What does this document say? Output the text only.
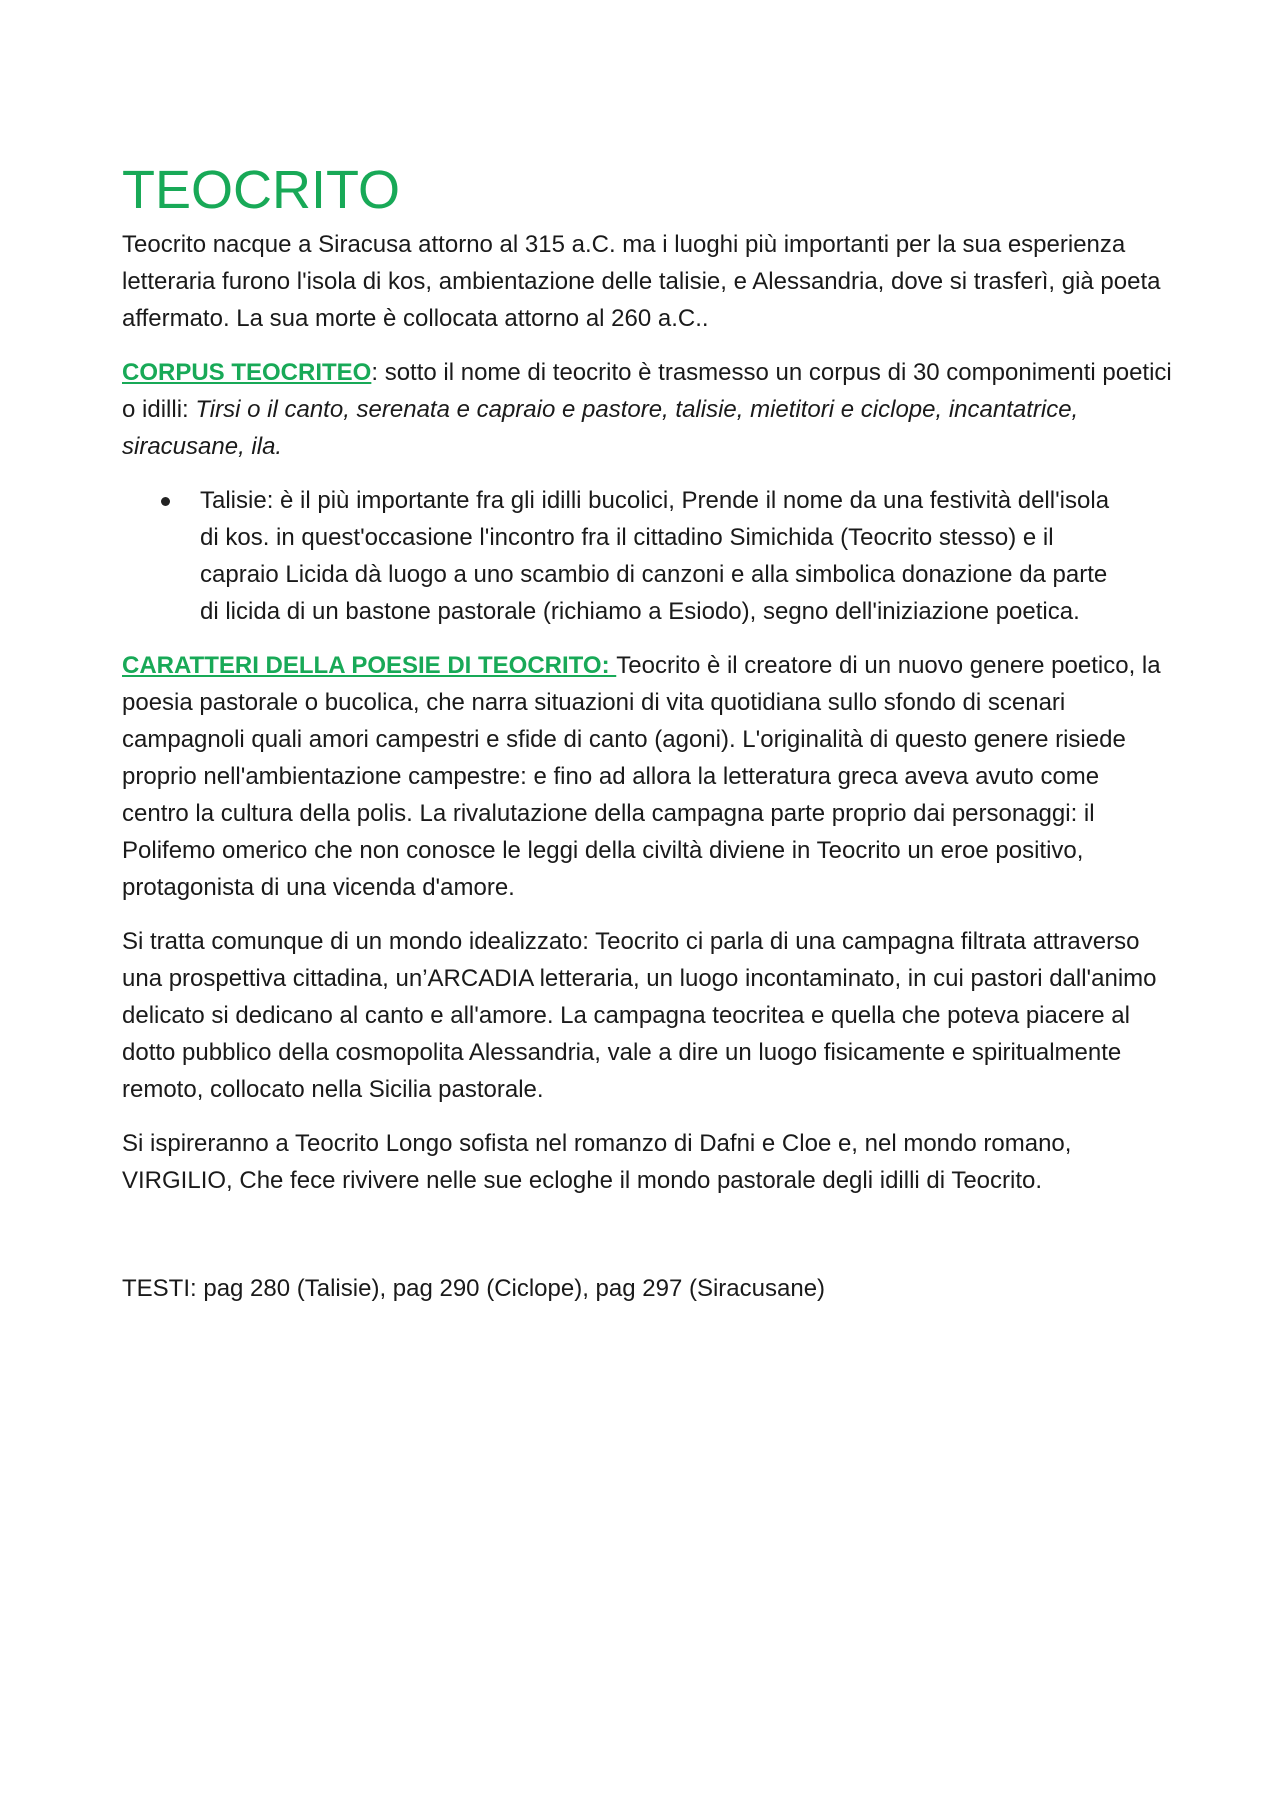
TEOCRITO

Teocrito nacque a Siracusa attorno al 315 a.C. ma i luoghi più importanti per la sua esperienza letteraria furono l'isola di kos, ambientazione delle talisie, e Alessandria, dove si trasferì, già poeta affermato. La sua morte è collocata attorno al 260 a.C..

CORPUS TEOCRITEO: sotto il nome di teocrito è trasmesso un corpus di 30 componimenti poetici o idilli: Tirsi o il canto, serenata e capraio e pastore, talisie, mietitori e ciclope, incantatrice, siracusane, ila.

Talisie: è il più importante fra gli idilli bucolici, Prende il nome da una festività dell'isola di kos. in quest'occasione l'incontro fra il cittadino Simichida (Teocrito stesso) e il capraio Licida dà luogo a uno scambio di canzoni e alla simbolica donazione da parte di licida di un bastone pastorale (richiamo a Esiodo), segno dell'iniziazione poetica.

CARATTERI DELLA POESIE DI TEOCRITO: Teocrito è il creatore di un nuovo genere poetico, la poesia pastorale o bucolica, che narra situazioni di vita quotidiana sullo sfondo di scenari campagnoli quali amori campestri e sfide di canto (agoni). L'originalità di questo genere risiede proprio nell'ambientazione campestre: e fino ad allora la letteratura greca aveva avuto come centro la cultura della polis. La rivalutazione della campagna parte proprio dai personaggi: il Polifemo omerico che non conosce le leggi della civiltà diviene in Teocrito un eroe positivo, protagonista di una vicenda d'amore.

Si tratta comunque di un mondo idealizzato: Teocrito ci parla di una campagna filtrata attraverso una prospettiva cittadina, un’ARCADIA letteraria, un luogo incontaminato, in cui pastori dall'animo delicato si dedicano al canto e all'amore. La campagna teocritea e quella che poteva piacere al dotto pubblico della cosmopolita Alessandria, vale a dire un luogo fisicamente e spiritualmente remoto, collocato nella Sicilia pastorale.

Si ispireranno a Teocrito Longo sofista nel romanzo di Dafni e Cloe e, nel mondo romano, VIRGILIO, Che fece rivivere nelle sue ecloghe il mondo pastorale degli idilli di Teocrito.

TESTI: pag 280 (Talisie), pag 290 (Ciclope), pag 297 (Siracusane)
